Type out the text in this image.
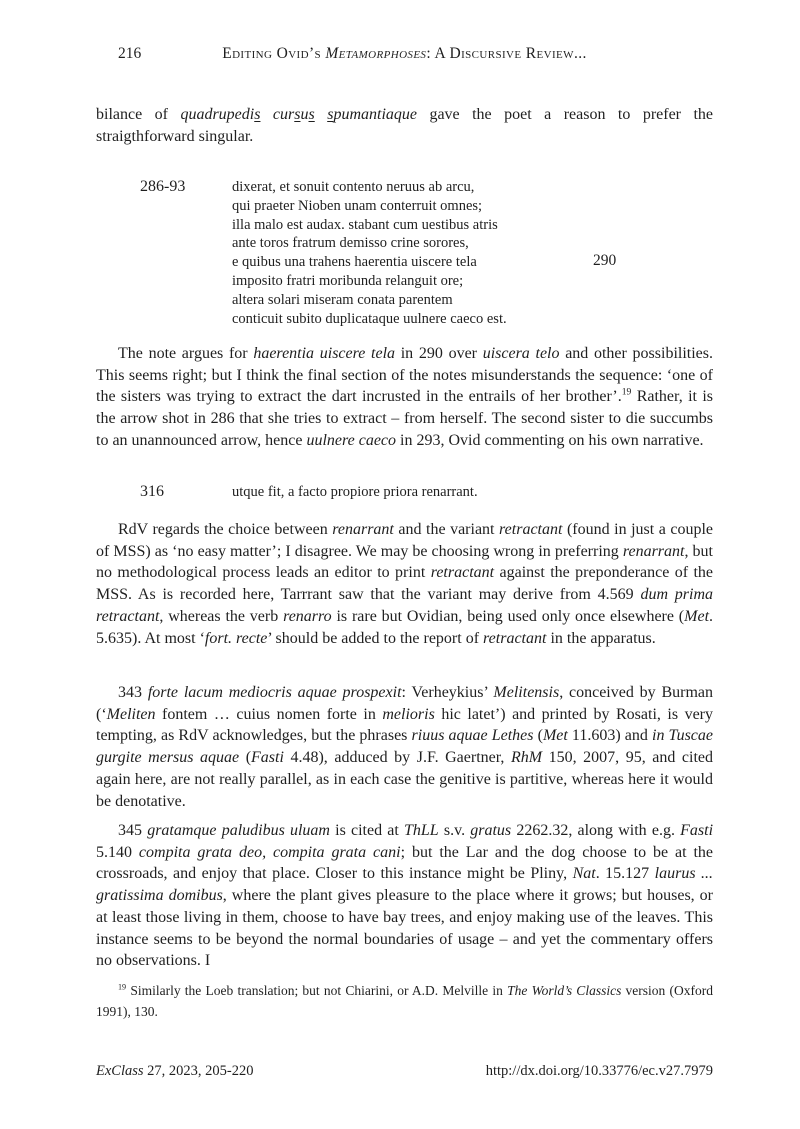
216	Editing Ovid’s Metamorphoses: A Discursive Review...
bilance of quadrupedis cursus spumantiaque gave the poet a reason to prefer the straigthforward singular.
286-93	dixerat, et sonuit contento neruus ab arcu,
qui praeter Nioben unam conterruit omnes;
illa malo est audax. stabant cum uestibus atris
ante toros fratrum demisso crine sorores,
e quibus una trahens haerentia uiscere tela	290
imposito fratri moribunda relanguit ore;
altera solari miseram conata parentem
conticuit subito duplicataque uulnere caeco est.
The note argues for haerentia uiscere tela in 290 over uiscera telo and other possibilities. This seems right; but I think the final section of the notes misunderstands the sequence: ‘one of the sisters was trying to extract the dart incrusted in the entrails of her brother’.$^{19}$ Rather, it is the arrow shot in 286 that she tries to extract – from herself. The second sister to die succumbs to an unannounced arrow, hence uulnere caeco in 293, Ovid commenting on his own narrative.
316	utque fit, a facto propiore priora renarrant.
RdV regards the choice between renarrant and the variant retractant (found in just a couple of MSS) as ‘no easy matter’; I disagree. We may be choosing wrong in preferring renarrant, but no methodological process leads an editor to print retractant against the preponderance of the MSS. As is recorded here, Tarrrant saw that the variant may derive from 4.569 dum prima retractant, whereas the verb renarro is rare but Ovidian, being used only once elsewhere (Met. 5.635). At most ‘fort. recte’ should be added to the report of retractant in the apparatus.
343 forte lacum mediocris aquae prospexit: Verheykius’ Melitensis, conceived by Burman (‘Meliten fontem … cuius nomen forte in melioris hic latet’) and printed by Rosati, is very tempting, as RdV acknowledges, but the phrases riuus aquae Lethes (Met 11.603) and in Tuscae gurgite mersus aquae (Fasti 4.48), adduced by J.F. Gaertner, RhM 150, 2007, 95, and cited again here, are not really parallel, as in each case the genitive is partitive, whereas here it would be denotative.
345 gratamque paludibus uluam is cited at ThLL s.v. gratus 2262.32, along with e.g. Fasti 5.140 compita grata deo, compita grata cani; but the Lar and the dog choose to be at the crossroads, and enjoy that place. Closer to this instance might be Pliny, Nat. 15.127 laurus ... gratissima domibus, where the plant gives pleasure to the place where it grows; but houses, or at least those living in them, choose to have bay trees, and enjoy making use of the leaves. This instance seems to be beyond the normal boundaries of usage – and yet the commentary offers no observations. I
$^{19}$ Similarly the Loeb translation; but not Chiarini, or A.D. Melville in The World’s Classics version (Oxford 1991), 130.
ExClass 27, 2023, 205-220	http://dx.doi.org/10.33776/ec.v27.7979
